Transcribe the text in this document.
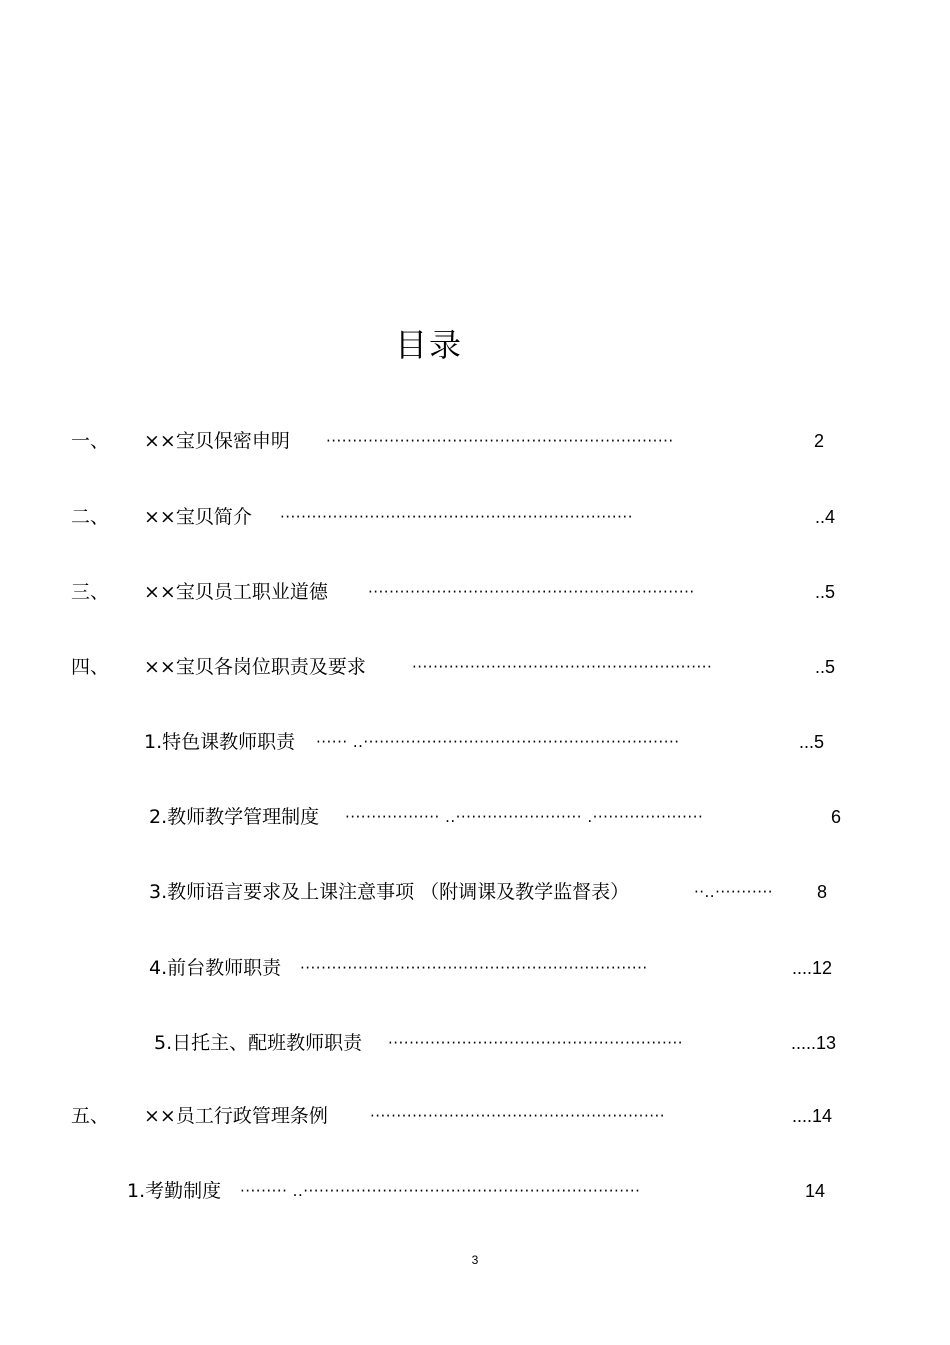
目录
一、 ××宝贝保密申明 ··································································	2
二、 ××宝贝简介 ···································································	..4
三、 ××宝贝员工职业道德	······························································	..5
四、 ××宝贝各岗位职责及要求	·························································	..5
1.特色课教师职责 ······ ..····························································	...5
2.教师教学管理制度 ·················· ..························ .·····················	6
3.教师语言要求及上课注意事项 （附调课及教学监督表）	··..···········	8
4.前台教师职责 ··································································	....12
5.日托主、配班教师职责 ························································	.....13
五、 ××员工行政管理条例	························································	....14
1.考勤制度 ········· ..································································	14
3
